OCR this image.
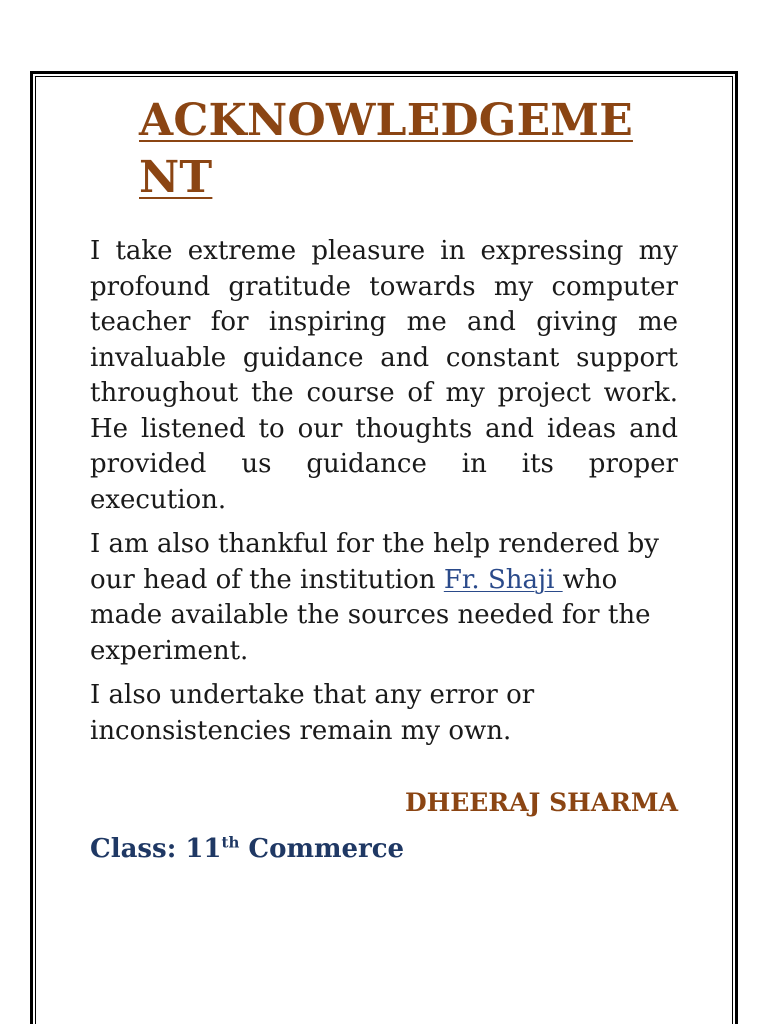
ACKNOWLEDGEMENT

I take extreme pleasure in expressing my profound gratitude towards my computer teacher for inspiring me and giving me invaluable guidance and constant support throughout the course of my project work. He listened to our thoughts and ideas and provided us guidance in its proper execution.

I am also thankful for the help rendered by our head of the institution Fr. Shaji who made available the sources needed for the experiment.

I also undertake that any error or inconsistencies remain my own.

DHEERAJ SHARMA
Class: 11th Commerce
